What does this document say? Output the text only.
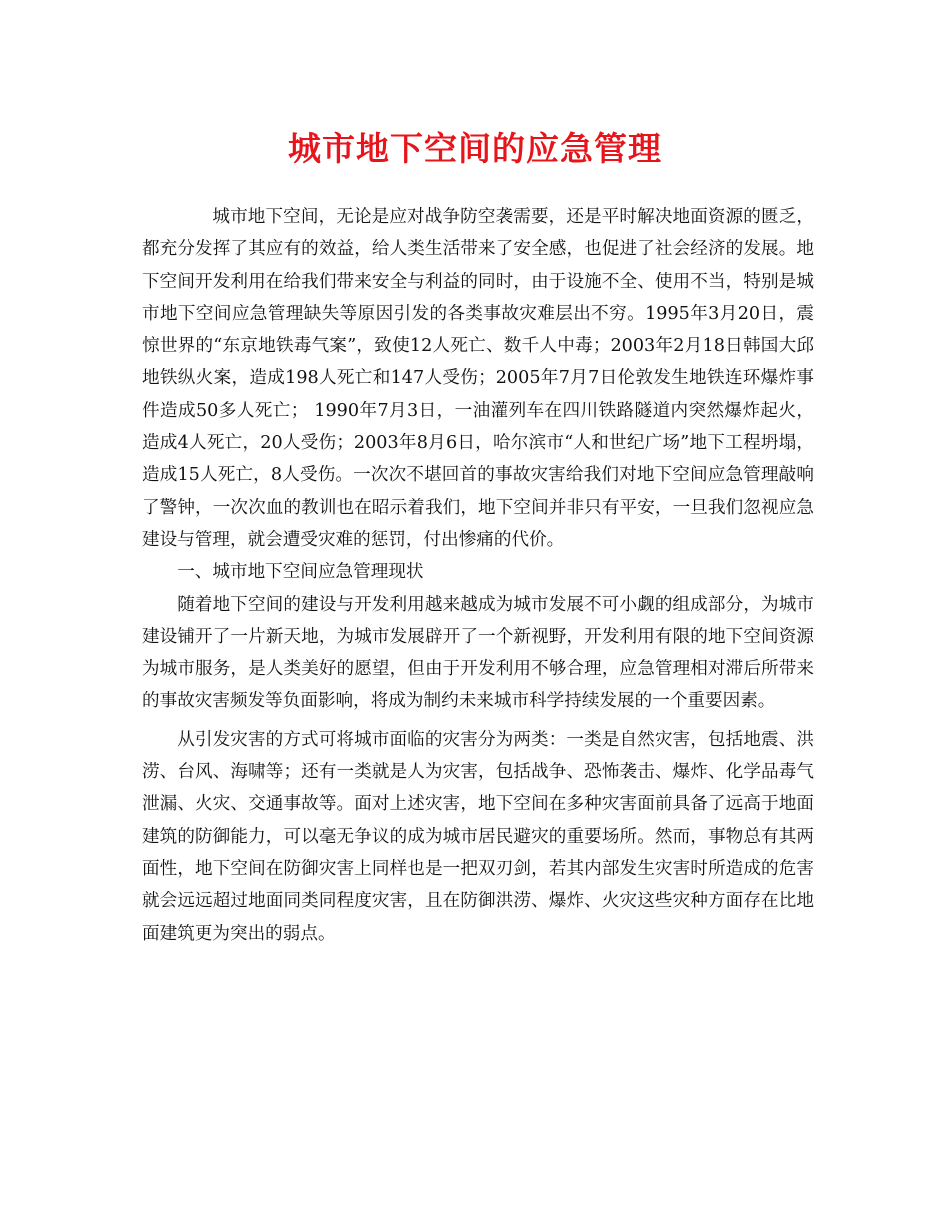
城市地下空间的应急管理

城市地下空间，无论是应对战争防空袭需要，还是平时解决地面资源的匮乏，都充分发挥了其应有的效益，给人类生活带来了安全感，也促进了社会经济的发展。地下空间开发利用在给我们带来安全与利益的同时，由于设施不全、使用不当，特别是城市地下空间应急管理缺失等原因引发的各类事故灾难层出不穷。1995年3月20日，震惊世界的“东京地铁毒气案”，致使12人死亡、数千人中毒；2003年2月18日韩国大邱地铁纵火案，造成198人死亡和147人受伤；2005年7月7日伦敦发生地铁连环爆炸事件造成50多人死亡； 1990年7月3日，一油灌列车在四川铁路隧道内突然爆炸起火，造成4人死亡，20人受伤；2003年8月6日，哈尔滨市“人和世纪广场”地下工程坍塌，造成15人死亡，8人受伤。一次次不堪回首的事故灾害给我们对地下空间应急管理敲响了警钟，一次次血的教训也在昭示着我们，地下空间并非只有平安，一旦我们忽视应急建设与管理，就会遭受灾难的惩罚，付出惨痛的代价。

一、城市地下空间应急管理现状

随着地下空间的建设与开发利用越来越成为城市发展不可小觑的组成部分，为城市建设铺开了一片新天地，为城市发展辟开了一个新视野，开发利用有限的地下空间资源为城市服务，是人类美好的愿望，但由于开发利用不够合理，应急管理相对滞后所带来的事故灾害频发等负面影响，将成为制约未来城市科学持续发展的一个重要因素。

从引发灾害的方式可将城市面临的灾害分为两类：一类是自然灾害，包括地震、洪涝、台风、海啸等；还有一类就是人为灾害，包括战争、恐怖袭击、爆炸、化学品毒气泄漏、火灾、交通事故等。面对上述灾害，地下空间在多种灾害面前具备了远高于地面建筑的防御能力，可以毫无争议的成为城市居民避灾的重要场所。然而，事物总有其两面性，地下空间在防御灾害上同样也是一把双刃剑，若其内部发生灾害时所造成的危害就会远远超过地面同类同程度灾害，且在防御洪涝、爆炸、火灾这些灾种方面存在比地面建筑更为突出的弱点。
